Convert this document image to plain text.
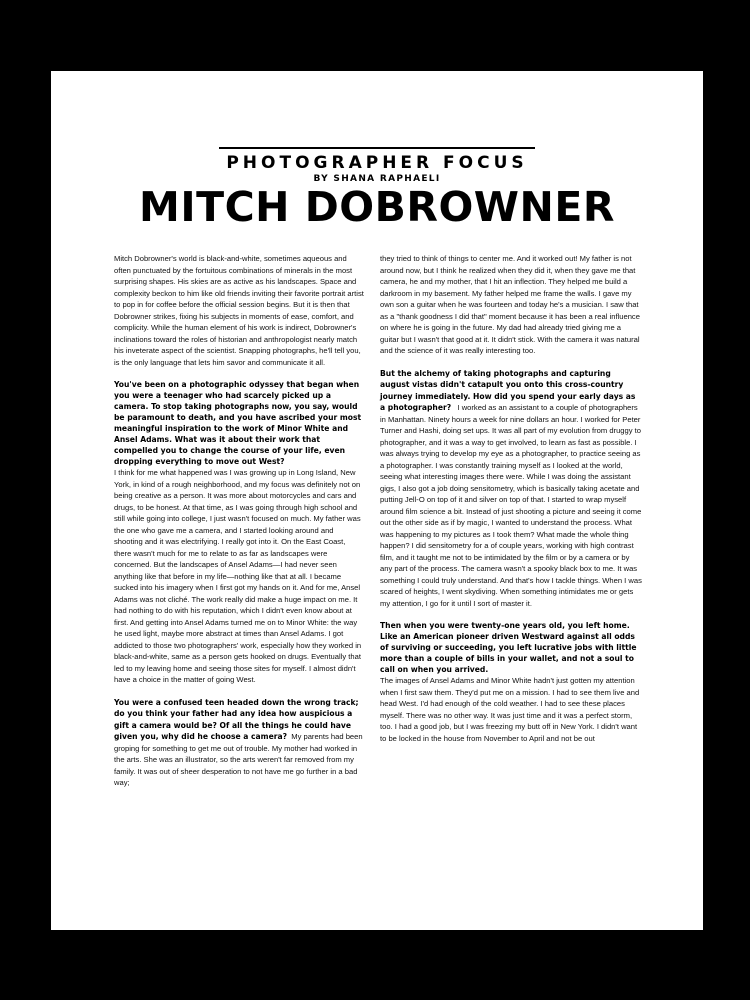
PHOTOGRAPHER FOCUS
BY SHANA RAPHAELI
MITCH DOBROWNER

Mitch Dobrowner's world is black-and-white, sometimes aqueous and often punctuated by the fortuitous combinations of minerals in the most surprising shapes. His skies are as active as his landscapes. Space and complexity beckon to him like old friends inviting their favorite portrait artist to pop in for coffee before the official session begins. But it is then that Dobrowner strikes, fixing his subjects in moments of ease, comfort, and complicity. While the human element of his work is indirect, Dobrowner's inclinations toward the roles of historian and anthropologist nearly match his inveterate aspect of the scientist. Snapping photographs, he'll tell you, is the only language that lets him savor and communicate it all.

You've been on a photographic odyssey that began when you were a teenager who had scarcely picked up a camera. To stop taking photographs now, you say, would be paramount to death, and you have ascribed your most meaningful inspiration to the work of Minor White and Ansel Adams. What was it about their work that compelled you to change the course of your life, even dropping everything to move out West?

I think for me what happened was I was growing up in Long Island, New York, in kind of a rough neighborhood, and my focus was definitely not on being creative as a person. It was more about motorcycles and cars and drugs, to be honest. At that time, as I was going through high school and still while going into college, I just wasn't focused on much. My father was the one who gave me a camera, and I started looking around and shooting and it was electrifying. I really got into it. On the East Coast, there wasn't much for me to relate to as far as landscapes were concerned. But the landscapes of Ansel Adams—I had never seen anything like that before in my life—nothing like that at all. I became sucked into his imagery when I first got my hands on it. And for me, Ansel Adams was not cliché. The work really did make a huge impact on me. It had nothing to do with his reputation, which I didn't even know about at first. And getting into Ansel Adams turned me on to Minor White: the way he used light, maybe more abstract at times than Ansel Adams. I got addicted to those two photographers' work, especially how they worked in black-and-white, same as a person gets hooked on drugs. Eventually that led to my leaving home and seeing those sites for myself. I almost didn't have a choice in the matter of going West.

You were a confused teen headed down the wrong track; do you think your father had any idea how auspicious a gift a camera would be? Of all the things he could have given you, why did he choose a camera? My parents had been groping for something to get me out of trouble. My mother had worked in the arts. She was an illustrator, so the arts weren't far removed from my family. It was out of sheer desperation to not have me go further in a bad way;

they tried to think of things to center me. And it worked out! My father is not around now, but I think he realized when they did it, when they gave me that camera, he and my mother, that I hit an inflection. They helped me build a darkroom in my basement. My father helped me frame the walls. I gave my own son a guitar when he was fourteen and today he's a musician. I saw that as a "thank goodness I did that" moment because it has been a real influence on where he is going in the future. My dad had already tried giving me a guitar but I wasn't that good at it. It didn't stick. With the camera it was natural and the science of it was really interesting too.

But the alchemy of taking photographs and capturing august vistas didn't catapult you onto this cross-country journey immediately. How did you spend your early days as a photographer? I worked as an assistant to a couple of photographers in Manhattan. Ninety hours a week for nine dollars an hour. I worked for Peter Turner and Hashi, doing set ups. It was all part of my evolution from druggy to photographer, and it was a way to get involved, to learn as fast as possible. I was always trying to develop my eye as a photographer, to practice seeing as a photographer. I was constantly training myself as I looked at the world, seeing what interesting images there were. While I was doing the assistant gigs, I also got a job doing sensitometry, which is basically taking acetate and putting Jell-O on top of it and silver on top of that. I started to wrap myself around film science a bit. Instead of just shooting a picture and seeing it come out the other side as if by magic, I wanted to understand the process. What was happening to my pictures as I took them? What made the whole thing happen? I did sensitometry for a of couple years, working with high contrast film, and it taught me not to be intimidated by the film or by a camera or by any part of the process. The camera wasn't a spooky black box to me. It was something I could truly understand. And that's how I tackle things. When I was scared of heights, I went skydiving. When something intimidates me or gets my attention, I go for it until I sort of master it.

Then when you were twenty-one years old, you left home. Like an American pioneer driven Westward against all odds of surviving or succeeding, you left lucrative jobs with little more than a couple of bills in your wallet, and not a soul to call on when you arrived.

The images of Ansel Adams and Minor White hadn't just gotten my attention when I first saw them. They'd put me on a mission. I had to see them live and head West. I'd had enough of the cold weather. I had to see these places myself. There was no other way. It was just time and it was a perfect storm, too. I had a good job, but I was freezing my butt off in New York. I didn't want to be locked in the house from November to April and not be out
